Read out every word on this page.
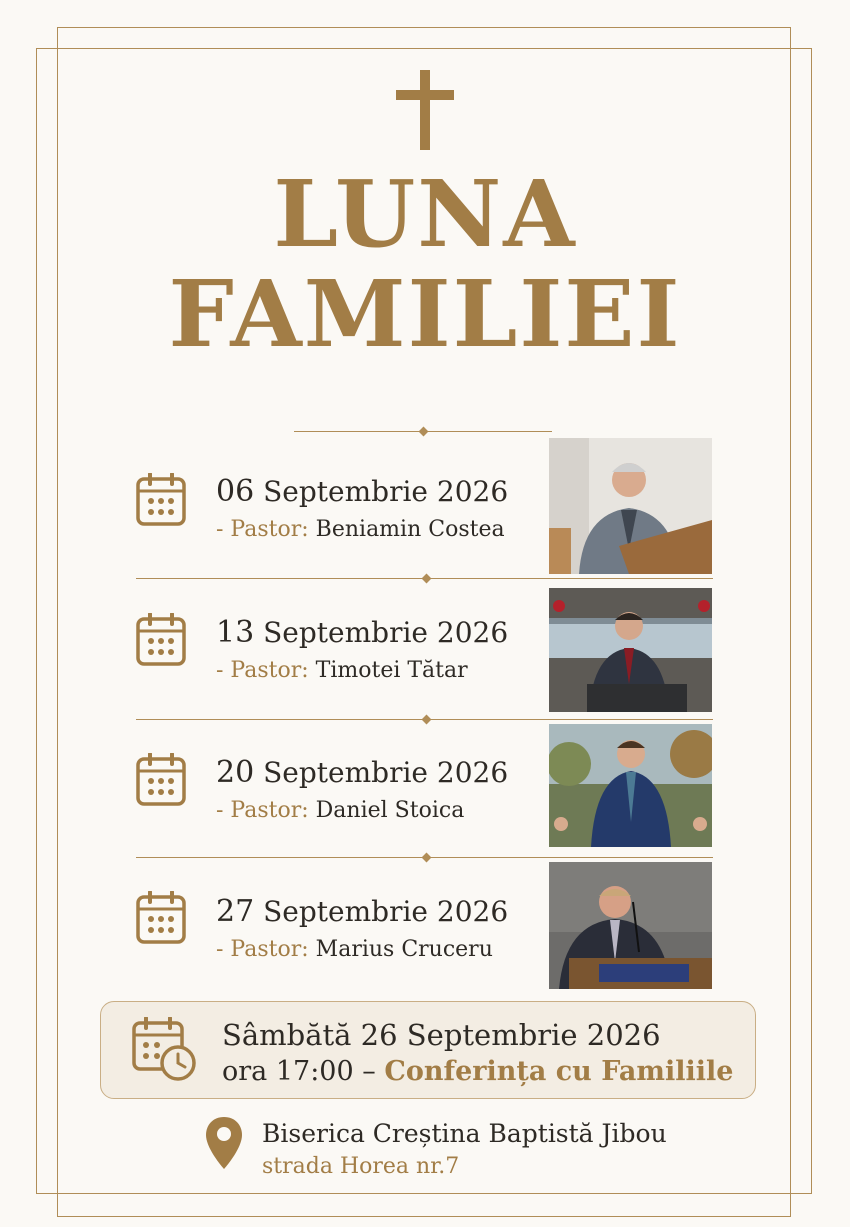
LUNA
FAMILIEI
06 Septembrie 2026
- Pastor: Beniamin Costea
13 Septembrie 2026
- Pastor: Timotei Tătar
20 Septembrie 2026
- Pastor: Daniel Stoica
27 Septembrie 2026
- Pastor: Marius Cruceru
Sâmbătă 26 Septembrie 2026
ora 17:00 – Conferința cu Familiile
Biserica Creștina Baptistă Jibou
strada Horea nr.7
